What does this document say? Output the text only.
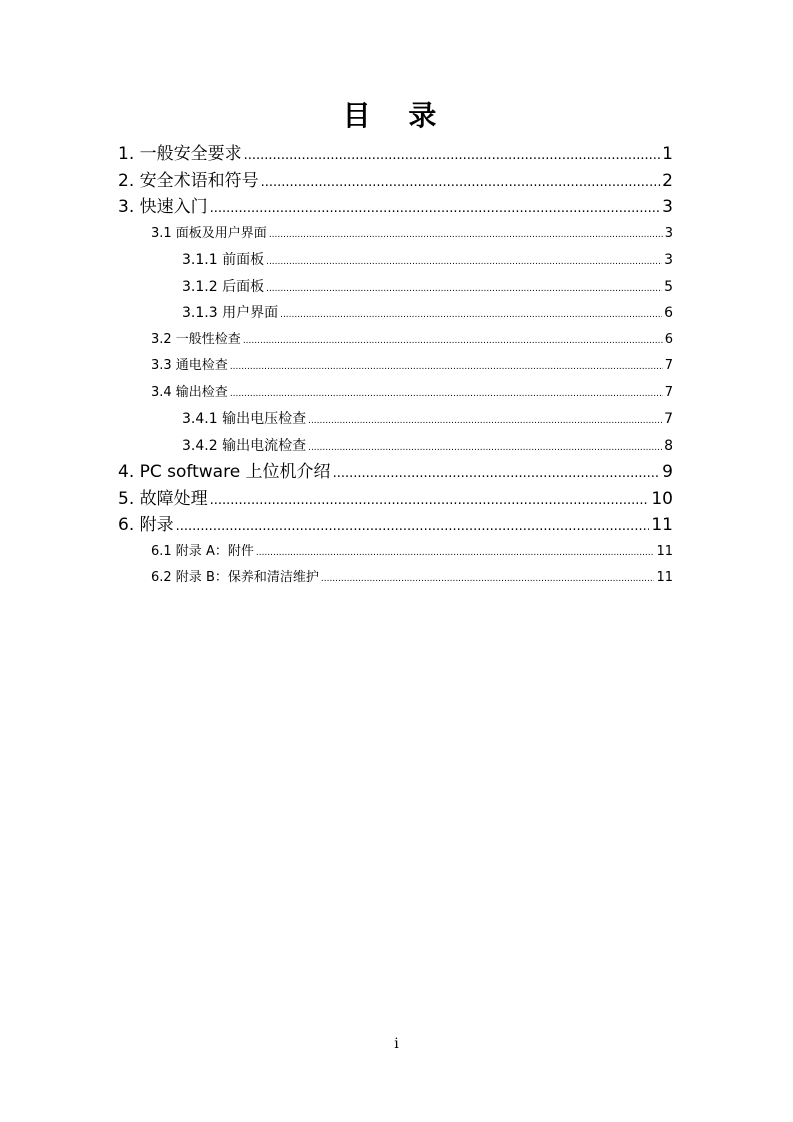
目 录
1. 一般安全要求 .....	1
2. 安全术语和符号 .....	2
3. 快速入门 .....	3
3.1 面板及用户界面 .....	3
3.1.1 前面板 .....	3
3.1.2 后面板 .....	5
3.1.3 用户界面 .....	6
3.2 一般性检查 .....	6
3.3 通电检查 .....	7
3.4 输出检查 .....	7
3.4.1 输出电压检查 .....	7
3.4.2 输出电流检查 .....	8
4. PC software 上位机介绍 .....	9
5. 故障处理 .....	10
6. 附录 .....	11
6.1 附录 A：附件 .....	11
6.2 附录 B：保养和清洁维护 .....	11
i
